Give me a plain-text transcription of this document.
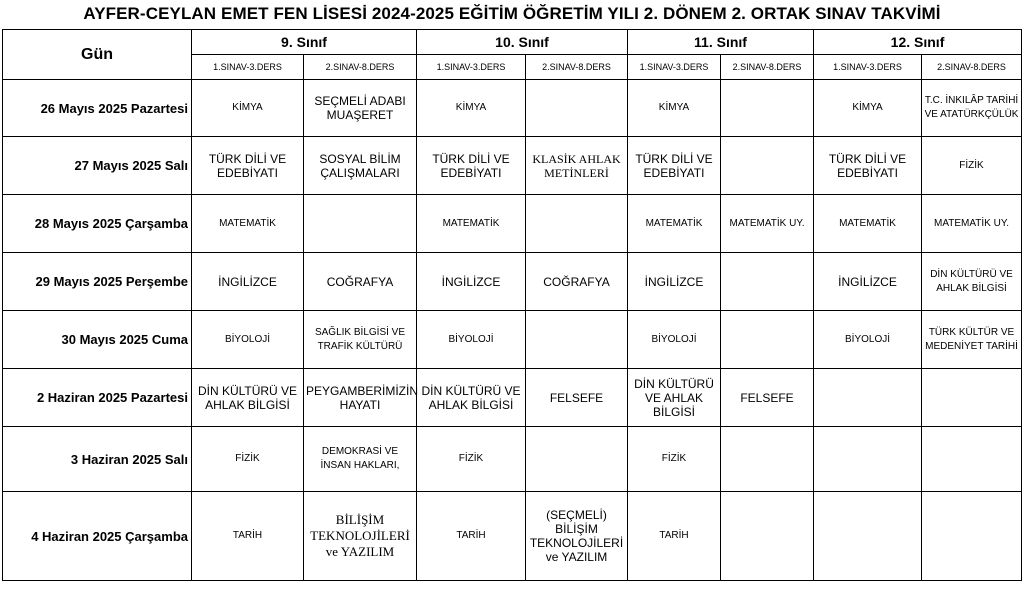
AYFER-CEYLAN EMET FEN LİSESİ 2024-2025 EĞİTİM ÖĞRETİM YILI 2. DÖNEM 2. ORTAK SINAV TAKVİMİ
Gün	9. Sınıf		10. Sınıf		11. Sınıf		12. Sınıf	
	1.SINAV-3.DERS	2.SINAV-8.DERS	1.SINAV-3.DERS	2.SINAV-8.DERS	1.SINAV-3.DERS	2.SINAV-8.DERS	1.SINAV-3.DERS	2.SINAV-8.DERS
26 Mayıs 2025 Pazartesi	KİMYA	SEÇMELİ ADABI MUAŞERET	KİMYA		KİMYA		KİMYA	T.C. İNKILÂP TARİHİ VE ATATÜRKÇÜLÜK
27 Mayıs 2025 Salı	TÜRK DİLİ VE EDEBİYATI	SOSYAL BİLİM ÇALIŞMALARI	TÜRK DİLİ VE EDEBİYATI	KLASİK AHLAK METİNLERİ	TÜRK DİLİ VE EDEBİYATI		TÜRK DİLİ VE EDEBİYATI	FİZİK
28 Mayıs 2025 Çarşamba	MATEMATİK		MATEMATİK		MATEMATİK	MATEMATİK UY.	MATEMATİK	MATEMATİK UY.
29 Mayıs 2025 Perşembe	İNGİLİZCE	COĞRAFYA	İNGİLİZCE	COĞRAFYA	İNGİLİZCE		İNGİLİZCE	DİN KÜLTÜRÜ VE AHLAK BİLGİSİ
30 Mayıs 2025 Cuma	BİYOLOJİ	SAĞLIK BİLGİSİ VE TRAFİK KÜLTÜRÜ	BİYOLOJİ		BİYOLOJİ		BİYOLOJİ	TÜRK KÜLTÜR VE MEDENİYET TARİHİ
2 Haziran 2025 Pazartesi	DİN KÜLTÜRÜ VE AHLAK BİLGİSİ	PEYGAMBERİMİZİN HAYATI	DİN KÜLTÜRÜ VE AHLAK BİLGİSİ	FELSEFE	DİN KÜLTÜRÜ VE AHLAK BİLGİSİ	FELSEFE		
3 Haziran 2025 Salı	FİZİK	DEMOKRASİ VE İNSAN HAKLARI,	FİZİK		FİZİK			
4 Haziran 2025 Çarşamba	TARİH	BİLİŞİM TEKNOLOJİLERİ ve YAZILIM	TARİH	(SEÇMELİ) BİLİŞİM TEKNOLOJİLERİ ve YAZILIM	TARİH			
